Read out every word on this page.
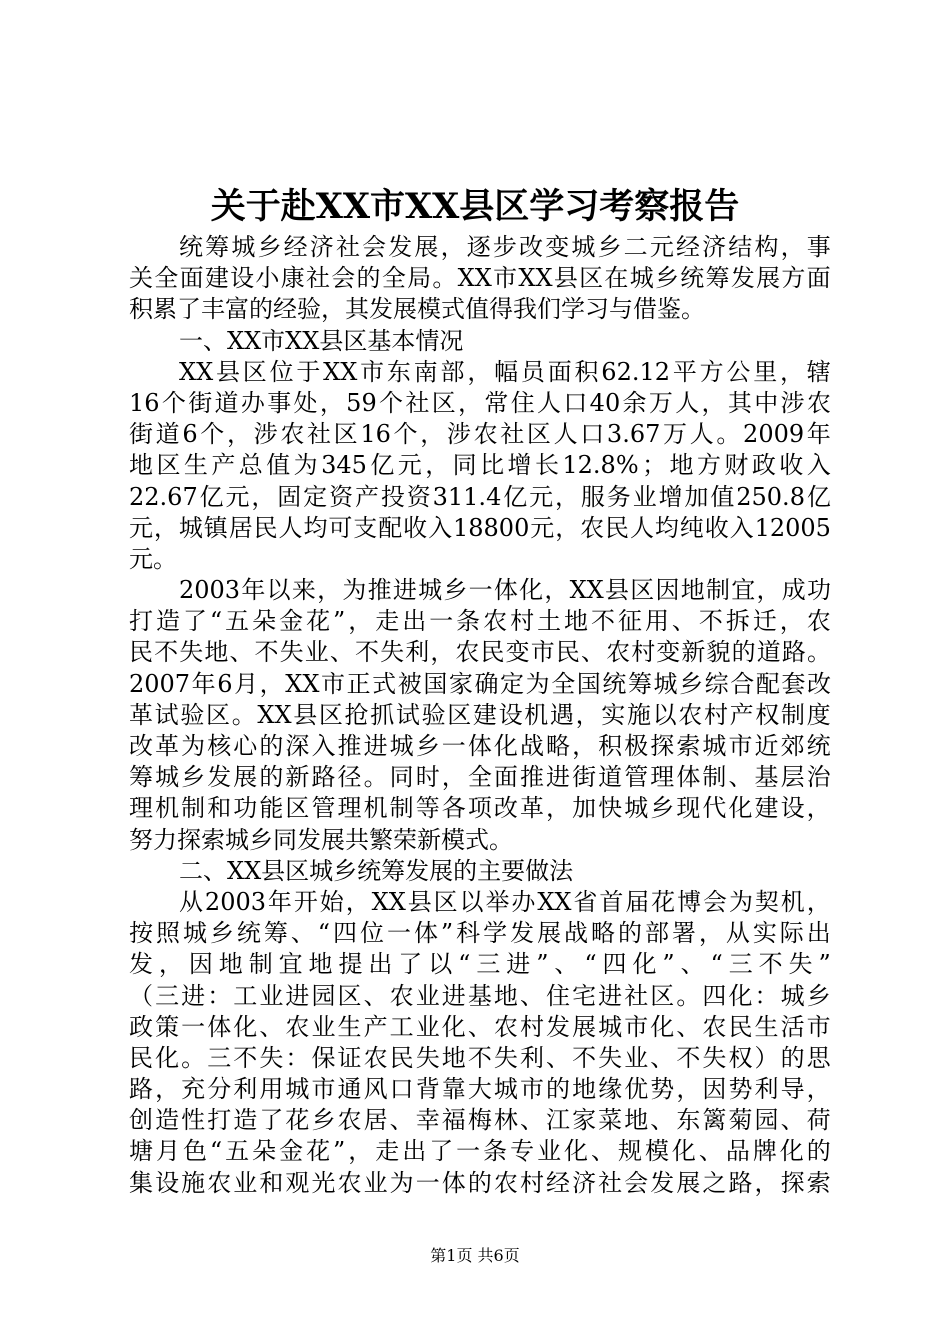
关于赴XX市XX县区学习考察报告
统 筹 城 乡 经 济 社 会 发 展 ， 逐 步 改 变 城 乡 二 元 经 济 结 构 ， 事
关 全 面 建 设 小 康 社 会 的 全 局 。 XX 市 XX 县 区 在 城 乡 统 筹 发 展 方 面
积累了丰富的经验，其发展模式值得我们学习与借鉴。
一、XX市XX县区基本情况
XX 县 区 位 于 XX 市 东 南 部 ， 幅 员 面 积 62.12 平 方 公 里 ， 辖
16 个 街 道 办 事 处 ， 59 个 社 区 ， 常 住 人 口 40 余 万 人 ， 其 中 涉 农
街 道 6 个 ， 涉 农 社 区 16 个 ， 涉 农 社 区 人 口 3.67 万 人 。 2009 年
地 区 生 产 总 值 为 345 亿 元 ， 同 比 增 长 12.8% ； 地 方 财 政 收 入
22.67 亿 元 ， 固 定 资 产 投 资 311.4 亿 元 ， 服 务 业 增 加 值 250.8 亿
元 ， 城 镇 居 民 人 均 可 支 配 收 入 18800 元 ， 农 民 人 均 纯 收 入 12005
元。
2003 年 以 来 ， 为 推 进 城 乡 一 体 化 ， XX 县 区 因 地 制 宜 ， 成 功
打 造 了 “ 五 朵 金 花 ” ， 走 出 一 条 农 村 土 地 不 征 用 、 不 拆 迁 ， 农
民 不 失 地 、 不 失 业 、 不 失 利 ， 农 民 变 市 民 、 农 村 变 新 貌 的 道 路 。
2007 年 6 月 ， XX 市 正 式 被 国 家 确 定 为 全 国 统 筹 城 乡 综 合 配 套 改
革 试 验 区 。 XX 县 区 抢 抓 试 验 区 建 设 机 遇 ， 实 施 以 农 村 产 权 制 度
改 革 为 核 心 的 深 入 推 进 城 乡 一 体 化 战 略 ， 积 极 探 索 城 市 近 郊 统
筹 城 乡 发 展 的 新 路 径 。 同 时 ， 全 面 推 进 街 道 管 理 体 制 、 基 层 治
理 机 制 和 功 能 区 管 理 机 制 等 各 项 改 革 ， 加 快 城 乡 现 代 化 建 设 ，
努力探索城乡同发展共繁荣新模式。
二、XX县区城乡统筹发展的主要做法
从 2003 年 开 始 ， XX 县 区 以 举 办 XX 省 首 届 花 博 会 为 契 机 ，
按 照 城 乡 统 筹 、 “ 四 位 一 体 ” 科 学 发 展 战 略 的 部 署 ， 从 实 际 出
发 ， 因 地 制 宜 地 提 出 了 以 “ 三 进 ” 、 “ 四 化 ” 、 “ 三 不 失 ”
（ 三 进 ： 工 业 进 园 区 、 农 业 进 基 地 、 住 宅 进 社 区 。 四 化 ： 城 乡
政 策 一 体 化 、 农 业 生 产 工 业 化 、 农 村 发 展 城 市 化 、 农 民 生 活 市
民 化 。 三 不 失 ： 保 证 农 民 失 地 不 失 利 、 不 失 业 、 不 失 权 ） 的 思
路 ， 充 分 利 用 城 市 通 风 口 背 靠 大 城 市 的 地 缘 优 势 ， 因 势 利 导 ，
创 造 性 打 造 了 花 乡 农 居 、 幸 福 梅 林 、 江 家 菜 地 、 东 篱 菊 园 、 荷
塘 月 色 “ 五 朵 金 花 ” ， 走 出 了 一 条 专 业 化 、 规 模 化 、 品 牌 化 的
集 设 施 农 业 和 观 光 农 业 为 一 体 的 农 村 经 济 社 会 发 展 之 路 ， 探 索
第1页 共6页
